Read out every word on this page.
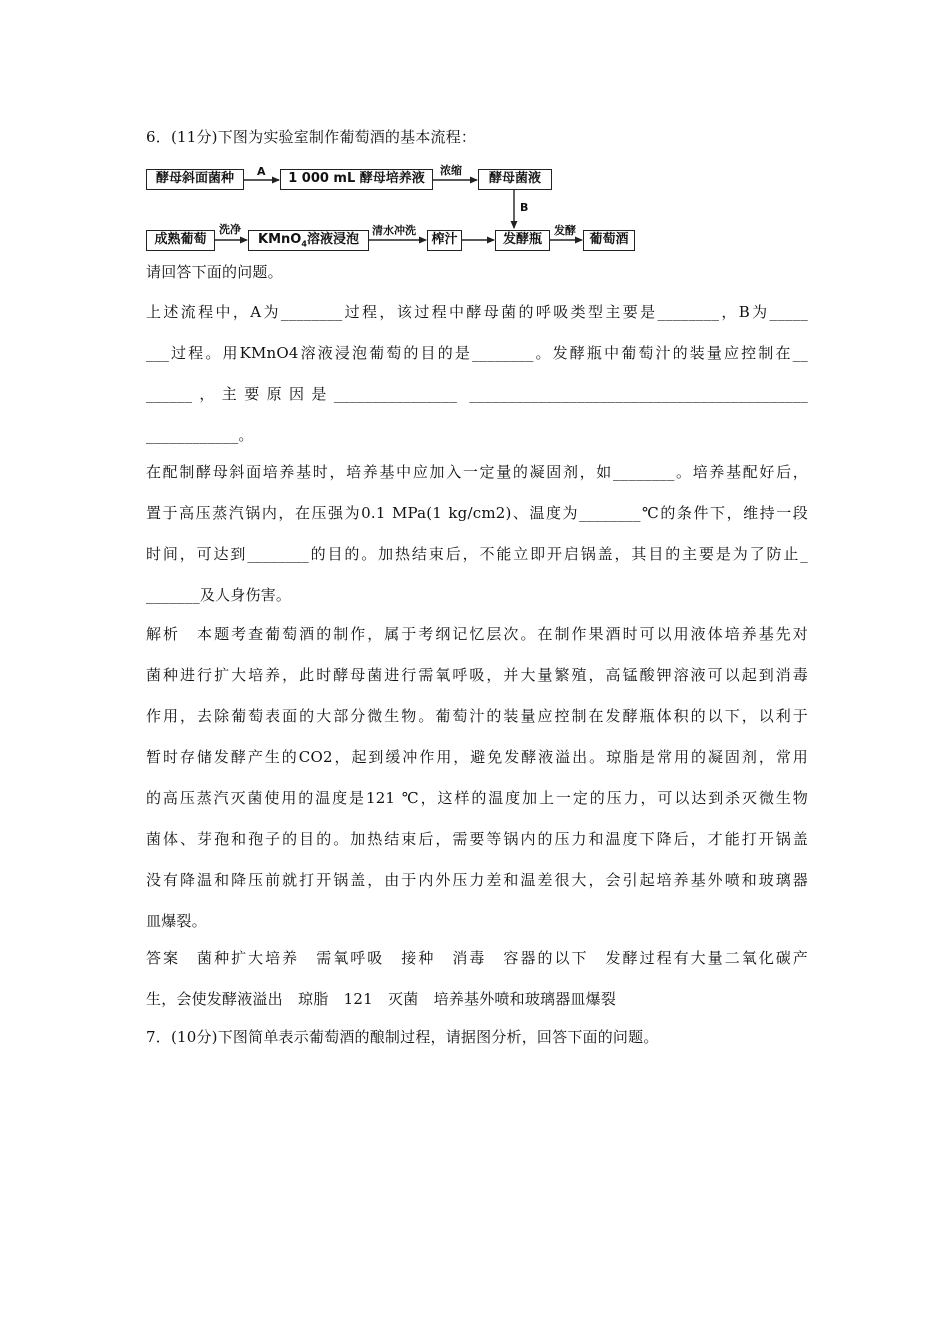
6．(11分)下图为实验室制作葡萄酒的基本流程：
酵母斜面菌种	1 000 mL 酵母培养液	酵母菌液
成熟葡萄	KMnO$_4$溶液浸泡	榨汁	发酵瓶	葡萄酒
A	浓缩
B
洗净	清水冲洗	发酵
请回答下面的问题。
上述流程中，A为________过程，该过程中酵母菌的呼吸类型主要是________，B为_____
___过程。用KMnO4溶液浸泡葡萄的目的是________。发酵瓶中葡萄汁的装量应控制在__
______，主要原因是________________ ____________________________________________
____________。
在配制酵母斜面培养基时，培养基中应加入一定量的凝固剂，如________。培养基配好后，
置于高压蒸汽锅内，在压强为0.1 MPa(1 kg/cm2)、温度为________℃的条件下，维持一段
时间，可达到________的目的。加热结束后，不能立即开启锅盖，其目的主要是为了防止_
_______及人身伤害。
解析　本题考查葡萄酒的制作，属于考纲记忆层次。在制作果酒时可以用液体培养基先对
菌种进行扩大培养，此时酵母菌进行需氧呼吸，并大量繁殖，高锰酸钾溶液可以起到消毒
作用，去除葡萄表面的大部分微生物。葡萄汁的装量应控制在发酵瓶体积的以下，以利于
暂时存储发酵产生的CO2，起到缓冲作用，避免发酵液溢出。琼脂是常用的凝固剂，常用
的高压蒸汽灭菌使用的温度是121 ℃，这样的温度加上一定的压力，可以达到杀灭微生物
菌体、芽孢和孢子的目的。加热结束后，需要等锅内的压力和温度下降后，才能打开锅盖
没有降温和降压前就打开锅盖，由于内外压力差和温差很大，会引起培养基外喷和玻璃器
皿爆裂。
答案　菌种扩大培养　需氧呼吸　接种　消毒　容器的以下　发酵过程有大量二氧化碳产
生，会使发酵液溢出　琼脂　121　灭菌　培养基外喷和玻璃器皿爆裂
7．(10分)下图简单表示葡萄酒的酿制过程，请据图分析，回答下面的问题。
